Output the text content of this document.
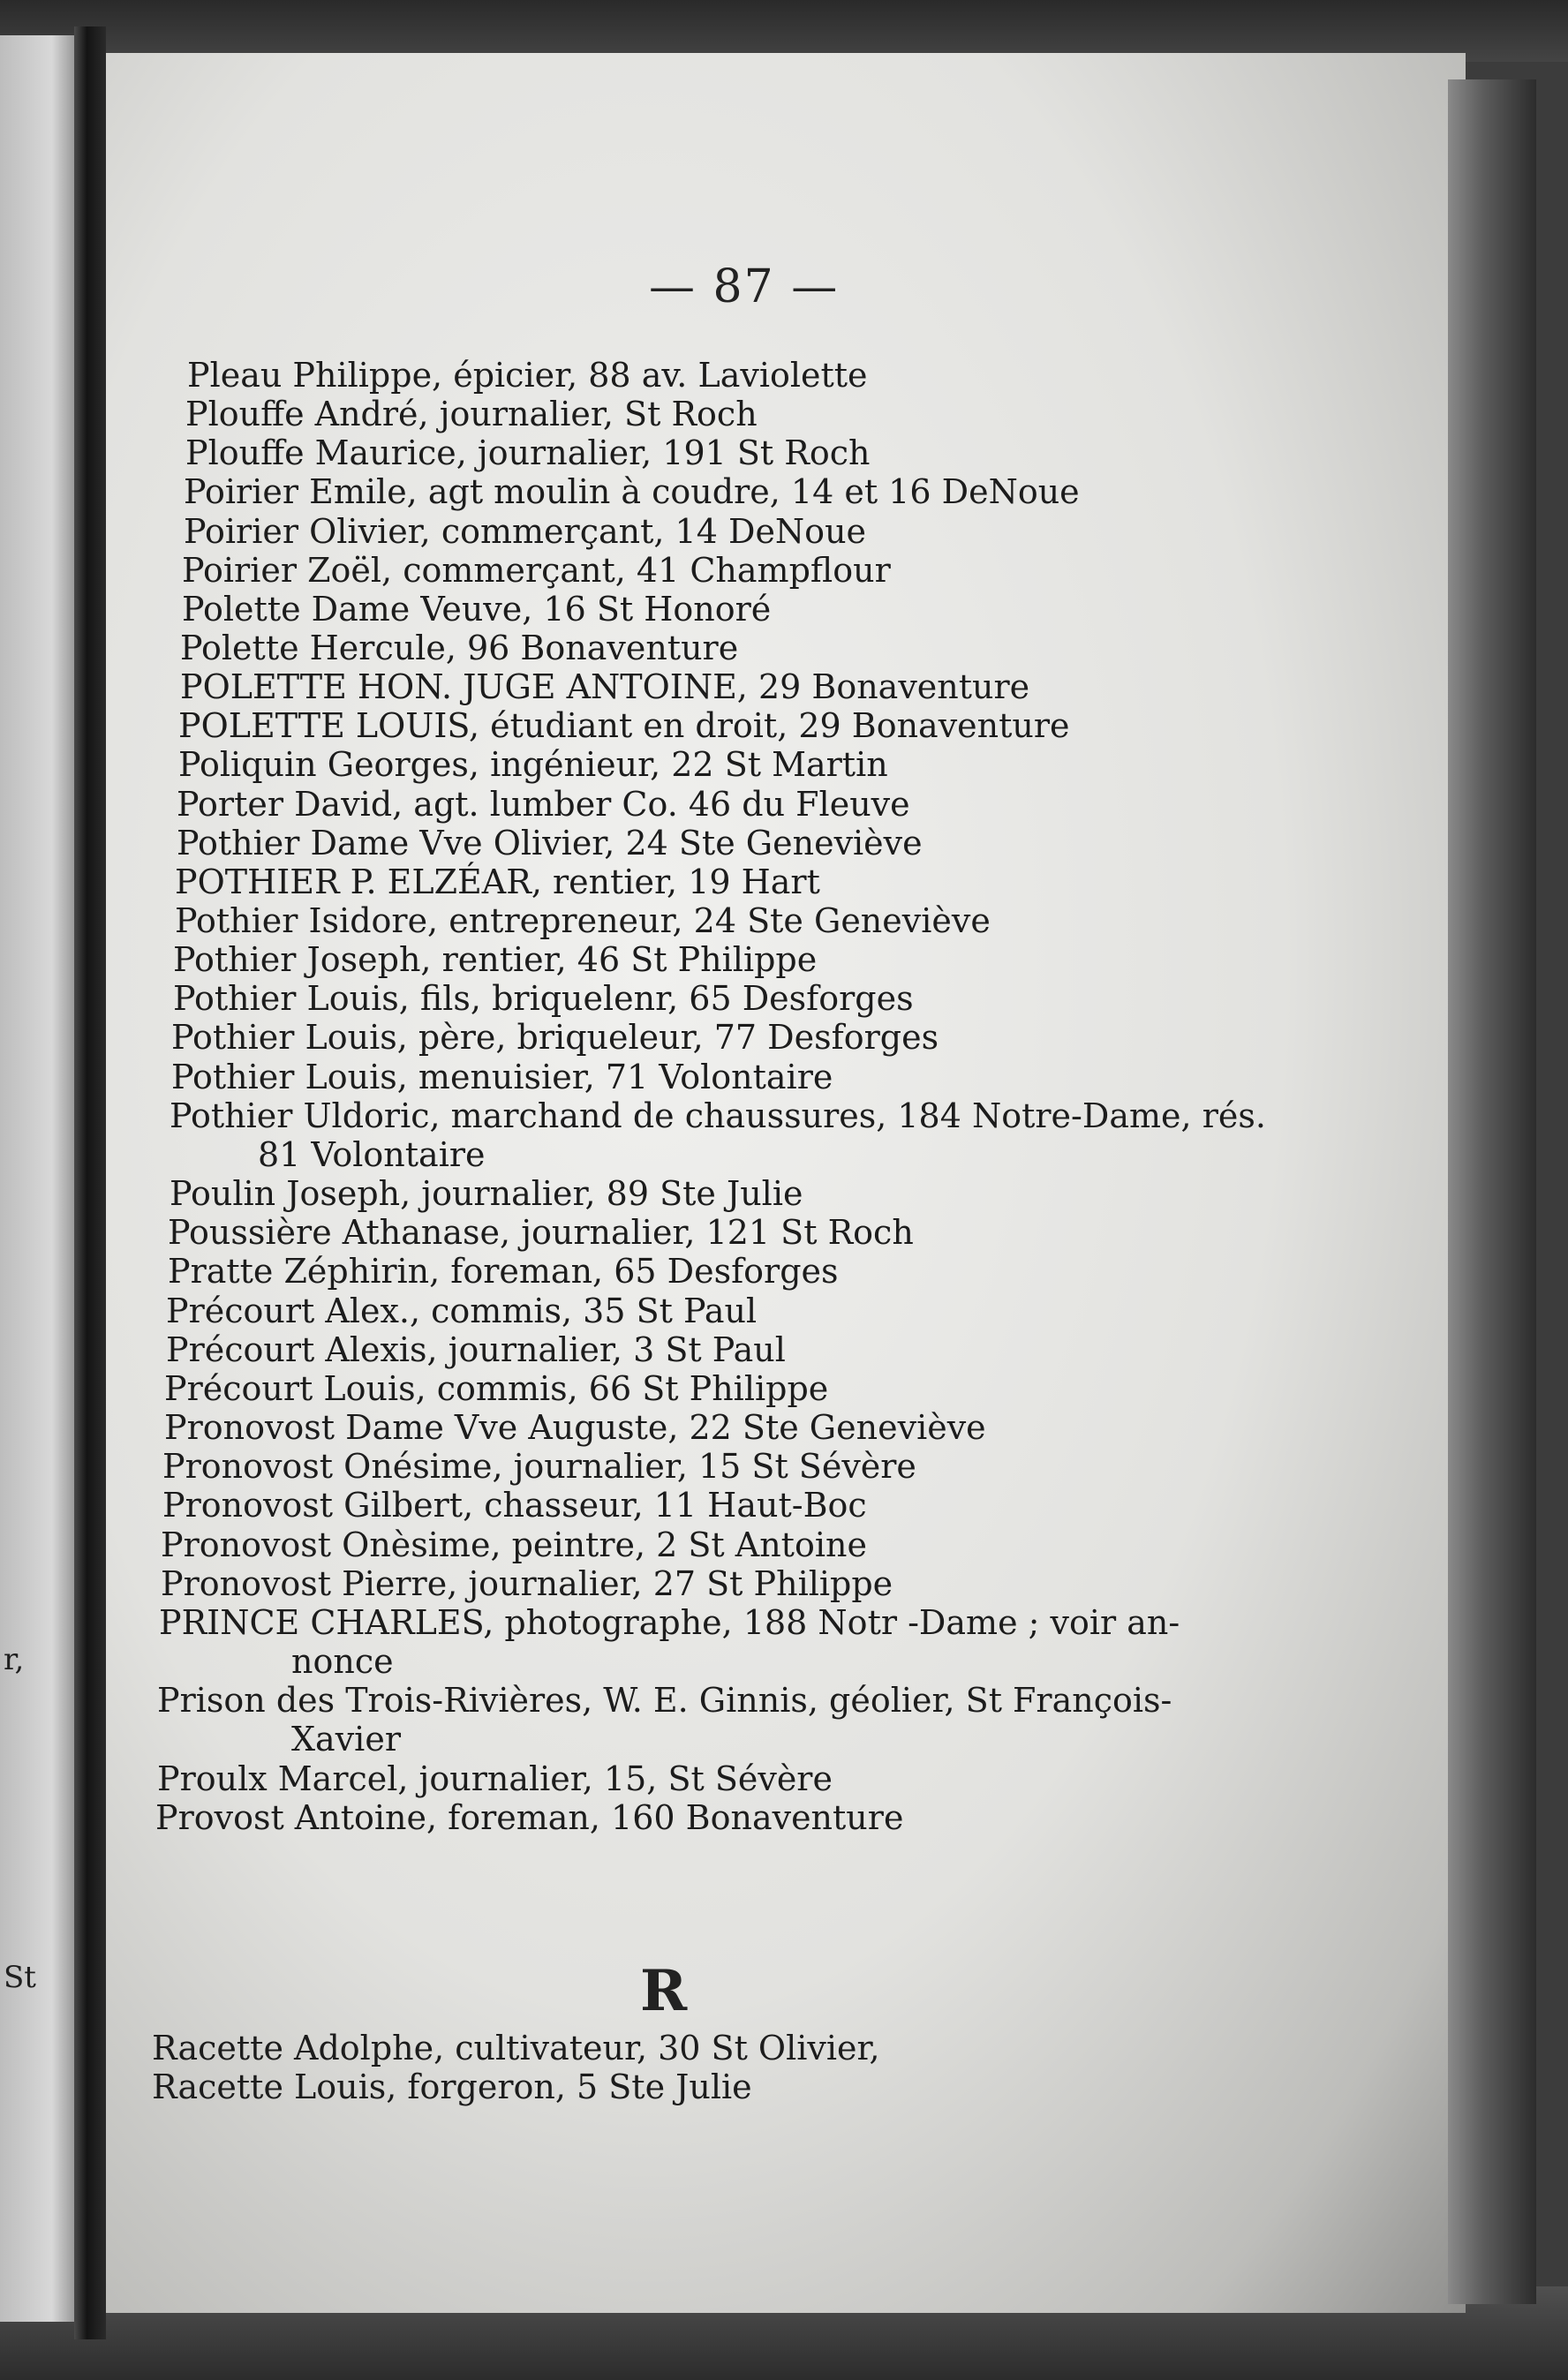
r,
St
— 87 —
Pleau Philippe, épicier, 88 av. Laviolette
Plouffe André, journalier, St Roch
Plouffe Maurice, journalier, 191 St Roch
Poirier Emile, agt moulin à coudre, 14 et 16 DeNoue
Poirier Olivier, commerçant, 14 DeNoue
Poirier Zoël, commerçant, 41 Champflour
Polette Dame Veuve, 16 St Honoré
Polette Hercule, 96 Bonaventure
POLETTE HON. JUGE ANTOINE, 29 Bonaventure
POLETTE LOUIS, étudiant en droit, 29 Bonaventure
Poliquin Georges, ingénieur, 22 St Martin
Porter David, agt. lumber Co. 46 du Fleuve
Pothier Dame Vve Olivier, 24 Ste Geneviève
POTHIER P. ELZÉAR, rentier, 19 Hart
Pothier Isidore, entrepreneur, 24 Ste Geneviève
Pothier Joseph, rentier, 46 St Philippe
Pothier Louis, fils, briquelenr, 65 Desforges
Pothier Louis, père, briqueleur, 77 Desforges
Pothier Louis, menuisier, 71 Volontaire
Pothier Uldoric, marchand de chaussures, 184 Notre-Dame, rés.
81 Volontaire
Poulin Joseph, journalier, 89 Ste Julie
Poussière Athanase, journalier, 121 St Roch
Pratte Zéphirin, foreman, 65 Desforges
Précourt Alex., commis, 35 St Paul
Précourt Alexis, journalier, 3 St Paul
Précourt Louis, commis, 66 St Philippe
Pronovost Dame Vve Auguste, 22 Ste Geneviève
Pronovost Onésime, journalier, 15 St Sévère
Pronovost Gilbert, chasseur, 11 Haut-Boc
Pronovost Onèsime, peintre, 2 St Antoine
Pronovost Pierre, journalier, 27 St Philippe
PRINCE CHARLES, photographe, 188 Notr -Dame ; voir an-
nonce
Prison des Trois-Rivières, W. E. Ginnis, géolier, St François-
Xavier
Proulx Marcel, journalier, 15, St Sévère
Provost Antoine, foreman, 160 Bonaventure
R
Racette Adolphe, cultivateur, 30 St Olivier,
Racette Louis, forgeron, 5 Ste Julie
